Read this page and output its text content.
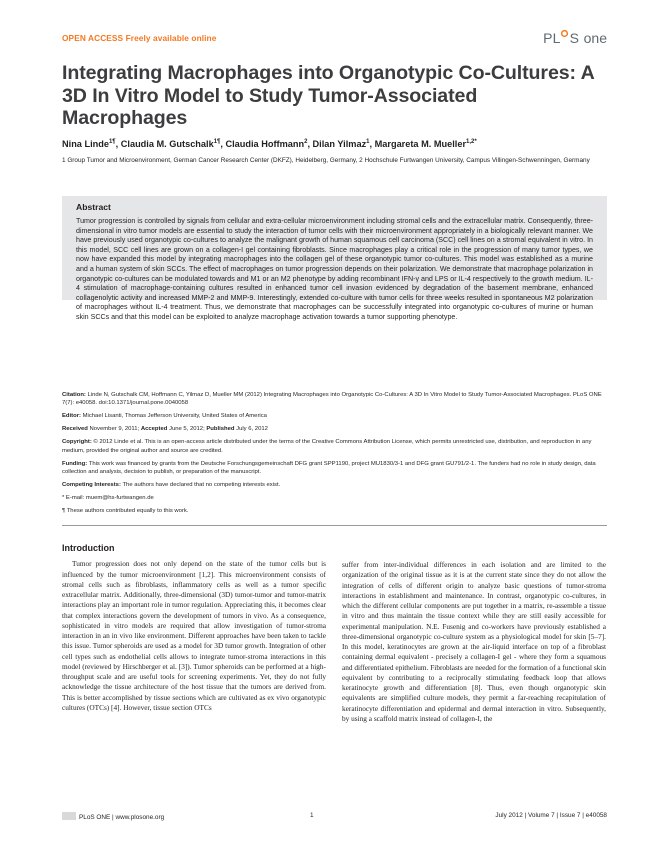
OPEN ACCESS Freely available online	PL S one
Integrating Macrophages into Organotypic Co-Cultures: A 3D In Vitro Model to Study Tumor-Associated Macrophages
Nina Linde$^{1\P}$, Claudia M. Gutschalk$^{1\P}$, Claudia Hoffmann$^2$, Dilan Yilmaz$^1$, Margareta M. Mueller$^{1,2*}$
1 Group Tumor and Microenvironment, German Cancer Research Center (DKFZ), Heidelberg, Germany, 2 Hochschule Furtwangen University, Campus Villingen-Schwenningen, Germany
Abstract

Tumor progression is controlled by signals from cellular and extra-cellular microenvironment including stromal cells and the extracellular matrix. Consequently, three-dimensional in vitro tumor models are essential to study the interaction of tumor cells with their microenvironment appropriately in a biologically relevant manner. We have previously used organotypic co-cultures to analyze the malignant growth of human squamous cell carcinoma (SCC) cell lines on a stromal equivalent in vitro. In this model, SCC cell lines are grown on a collagen-I gel containing fibroblasts. Since macrophages play a critical role in the progression of many tumor types, we now have expanded this model by integrating macrophages into the collagen gel of these organotypic tumor co-cultures. This model was established as a murine and a human system of skin SCCs. The effect of macrophages on tumor progression depends on their polarization. We demonstrate that macrophage polarization in organotypic co-cultures can be modulated towards and M1 or an M2 phenotype by adding recombinant IFN-γ and LPS or IL-4 respectively to the growth medium. IL-4 stimulation of macrophage-containing cultures resulted in enhanced tumor cell invasion evidenced by degradation of the basement membrane, enhanced collagenolytic activity and increased MMP-2 and MMP-9. Interestingly, extended co-culture with tumor cells for three weeks resulted in spontaneous M2 polarization of macrophages without IL-4 treatment. Thus, we demonstrate that macrophages can be successfully integrated into organotypic co-cultures of murine or human skin SCCs and that this model can be exploited to analyze macrophage activation towards a tumor supporting phenotype.

Citation: Linde N, Gutschalk CM, Hoffmann C, Yilmaz D, Mueller MM (2012) Integrating Macrophages into Organotypic Co-Cultures: A 3D In Vitro Model to Study Tumor-Associated Macrophages. PLoS ONE 7(7): e40058. doi:10.1371/journal.pone.0040058
Editor: Michael Lisanti, Thomas Jefferson University, United States of America
Received November 9, 2011; Accepted June 5, 2012; Published July 6, 2012
Copyright: © 2012 Linde et al. This is an open-access article distributed under the terms of the Creative Commons Attribution License, which permits unrestricted use, distribution, and reproduction in any medium, provided the original author and source are credited.
Funding: This work was financed by grants from the Deutsche Forschungsgemeinschaft DFG grant SPP1190, project MU1830/3-1 and DFG grant GU791/2-1. The funders had no role in study design, data collection and analysis, decision to publish, or preparation of the manuscript.
Competing Interests: The authors have declared that no competing interests exist.
* E-mail: muem@hs-furtwangen.de
¶ These authors contributed equally to this work.
Introduction

Tumor progression does not only depend on the state of the tumor cells but is influenced by the tumor microenvironment [1,2]. This microenvironment consists of stromal cells such as fibroblasts, inflammatory cells as well as a tumor specific extracellular matrix. Additionally, three-dimensional (3D) tumor-tumor and tumor-matrix interactions play an important role in tumor regulation. Appreciating this, it becomes clear that complex interactions govern the development of tumors in vivo. As a consequence, sophisticated in vitro models are required that allow investigation of tumor-stroma interaction in an in vivo like environment. Different approaches have been taken to tackle this issue. Tumor spheroids are used as a model for 3D tumor growth. Integration of other cell types such as endothelial cells allows to integrate tumor-stroma interactions in this model (reviewed by Hirschberger et al. [3]). Tumor spheroids can be performed at a high-throughput scale and are useful tools for screening experiments. Yet, they do not fully acknowledge the tissue architecture of the host tissue that the tumors are derived from. This is better accomplished by tissue sections which are cultivated as ex vivo organotypic cultures (OTCs) [4]. However, tissue section OTCs

suffer from inter-individual differences in each isolation and are limited to the organization of the original tissue as it is at the current state since they do not allow the integration of cells of different origin to analyze basic questions of tumor-stroma interactions in establishment and maintenance. In contrast, organotypic co-cultures, in which the different cellular components are put together in a matrix, re-assemble a tissue in vitro and thus maintain the tissue context while they are still easily accessible for experimental manipulation. N.E. Fusenig and co-workers have previously established a three-dimensional organotypic co-culture system as a physiological model for skin [5–7]. In this model, keratinocytes are grown at the air-liquid interface on top of a fibroblast containing dermal equivalent - precisely a collagen-I gel - where they form a squamous and differentiated epithelium. Fibroblasts are needed for the formation of a functional skin equivalent by contributing to a reciprocally stimulating feedback loop that allows keratinocyte growth and differentiation [8]. Thus, even though organotypic skin equivalents are simplified culture models, they permit a far-reaching recapitulation of keratinocyte differentiation and epidermal and dermal interaction in vitro. Subsequently, by using a scaffold matrix instead of collagen-I, the

PLoS ONE | www.plosone.org	1	July 2012 | Volume 7 | Issue 7 | e40058
